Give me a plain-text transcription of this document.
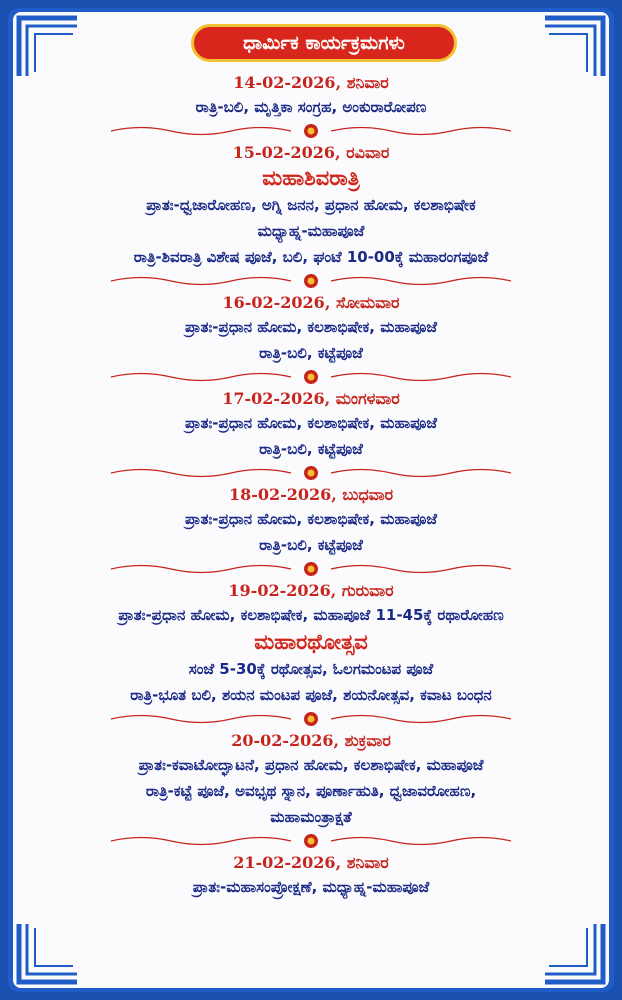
ಧಾರ್ಮಿಕ ಕಾರ್ಯಕ್ರಮಗಳು
14-02-2026, ಶನಿವಾರ
ರಾತ್ರಿ-ಬಲಿ, ಮೃತ್ತಿಕಾ ಸಂಗ್ರಹ, ಅಂಕುರಾರೋಪಣ
15-02-2026, ರವಿವಾರ
ಮಹಾಶಿವರಾತ್ರಿ
ಪ್ರಾತಃ-ಧ್ವಜಾರೋಹಣ, ಅಗ್ನಿ ಜನನ, ಪ್ರಧಾನ ಹೋಮ, ಕಲಶಾಭಿಷೇಕ
ಮಧ್ಯಾಹ್ನ-ಮಹಾಪೂಜೆ
ರಾತ್ರಿ-ಶಿವರಾತ್ರಿ ವಿಶೇಷ ಪೂಜೆ, ಬಲಿ, ಘಂಟೆ 10-00ಕ್ಕೆ ಮಹಾರಂಗಪೂಜೆ
16-02-2026, ಸೋಮವಾರ
ಪ್ರಾತಃ-ಪ್ರಧಾನ ಹೋಮ, ಕಲಶಾಭಿಷೇಕ, ಮಹಾಪೂಜೆ
ರಾತ್ರಿ-ಬಲಿ, ಕಟ್ಟೆಪೂಜೆ
17-02-2026, ಮಂಗಳವಾರ
ಪ್ರಾತಃ-ಪ್ರಧಾನ ಹೋಮ, ಕಲಶಾಭಿಷೇಕ, ಮಹಾಪೂಜೆ
ರಾತ್ರಿ-ಬಲಿ, ಕಟ್ಟೆಪೂಜೆ
18-02-2026, ಬುಧವಾರ
ಪ್ರಾತಃ-ಪ್ರಧಾನ ಹೋಮ, ಕಲಶಾಭಿಷೇಕ, ಮಹಾಪೂಜೆ
ರಾತ್ರಿ-ಬಲಿ, ಕಟ್ಟೆಪೂಜೆ
19-02-2026, ಗುರುವಾರ
ಪ್ರಾತಃ-ಪ್ರಧಾನ ಹೋಮ, ಕಲಶಾಭಿಷೇಕ, ಮಹಾಪೂಜೆ 11-45ಕ್ಕೆ ರಥಾರೋಹಣ
ಮಹಾರಥೋತ್ಸವ
ಸಂಜೆ 5-30ಕ್ಕೆ ರಥೋತ್ಸವ, ಓಲಗಮಂಟಪ ಪೂಜೆ
ರಾತ್ರಿ-ಭೂತ ಬಲಿ, ಶಯನ ಮಂಟಪ ಪೂಜೆ, ಶಯನೋತ್ಸವ, ಕವಾಟ ಬಂಧನ
20-02-2026, ಶುಕ್ರವಾರ
ಪ್ರಾತಃ-ಕವಾಟೋದ್ಘಾಟನೆ, ಪ್ರಧಾನ ಹೋಮ, ಕಲಶಾಭಿಷೇಕ, ಮಹಾಪೂಜೆ
ರಾತ್ರಿ-ಕಟ್ಟೆ ಪೂಜೆ, ಅವಭೃಥ ಸ್ನಾನ, ಪೂರ್ಣಾಹುತಿ, ಧ್ವಜಾವರೋಹಣ,
ಮಹಾಮಂತ್ರಾಕ್ಷತೆ
21-02-2026, ಶನಿವಾರ
ಪ್ರಾತಃ-ಮಹಾಸಂಪ್ರೋಕ್ಷಣೆ, ಮಧ್ಯಾಹ್ನ-ಮಹಾಪೂಜೆ
